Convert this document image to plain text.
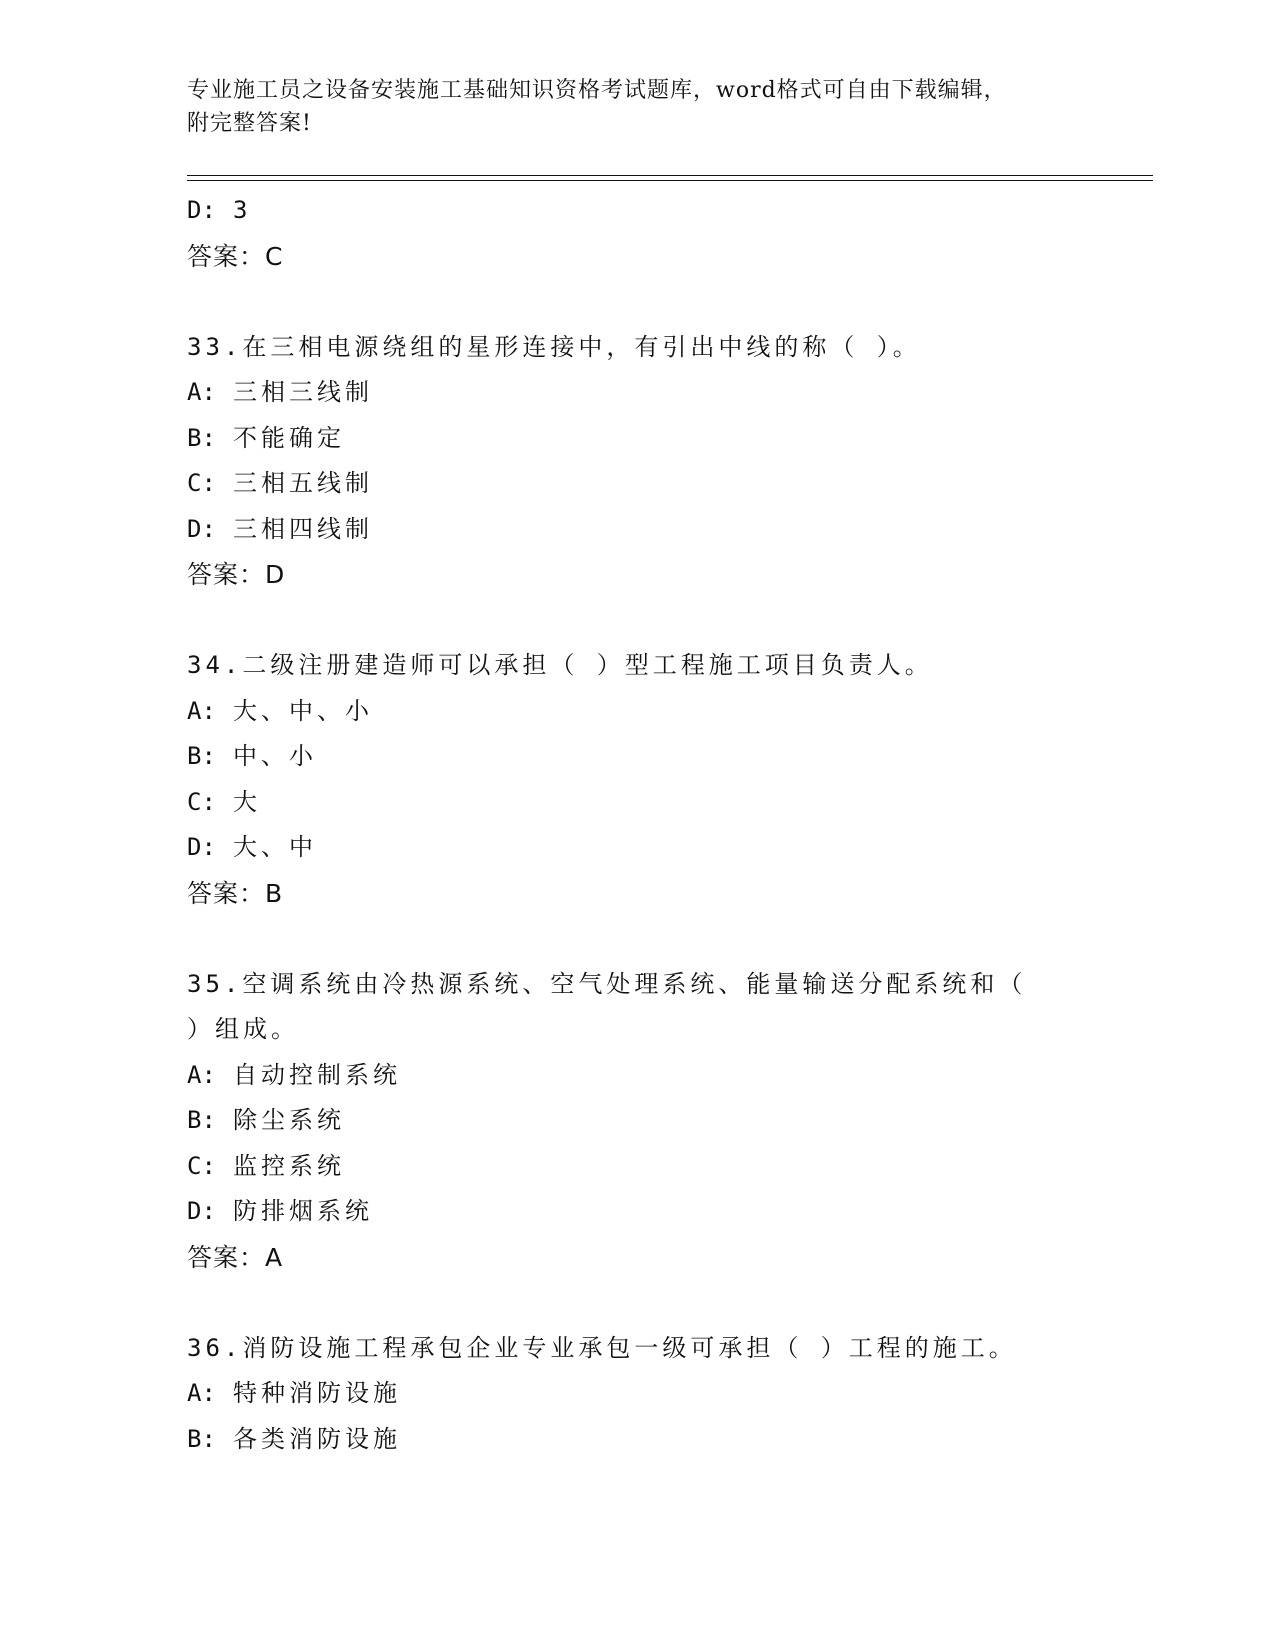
专业施工员之设备安装施工基础知识资格考试题库，word格式可自由下载编辑，
附完整答案!
D: 3
答案：C
33.在三相电源绕组的星形连接中，有引出中线的称（ ）。
A: 三相三线制
B: 不能确定
C: 三相五线制
D: 三相四线制
答案：D
34.二级注册建造师可以承担（ ）型工程施工项目负责人。
A: 大、中、小
B: 中、小
C: 大
D: 大、中
答案：B
35.空调系统由冷热源系统、空气处理系统、能量输送分配系统和（
）组成。
A: 自动控制系统
B: 除尘系统
C: 监控系统
D: 防排烟系统
答案：A
36.消防设施工程承包企业专业承包一级可承担（ ）工程的施工。
A: 特种消防设施
B: 各类消防设施
